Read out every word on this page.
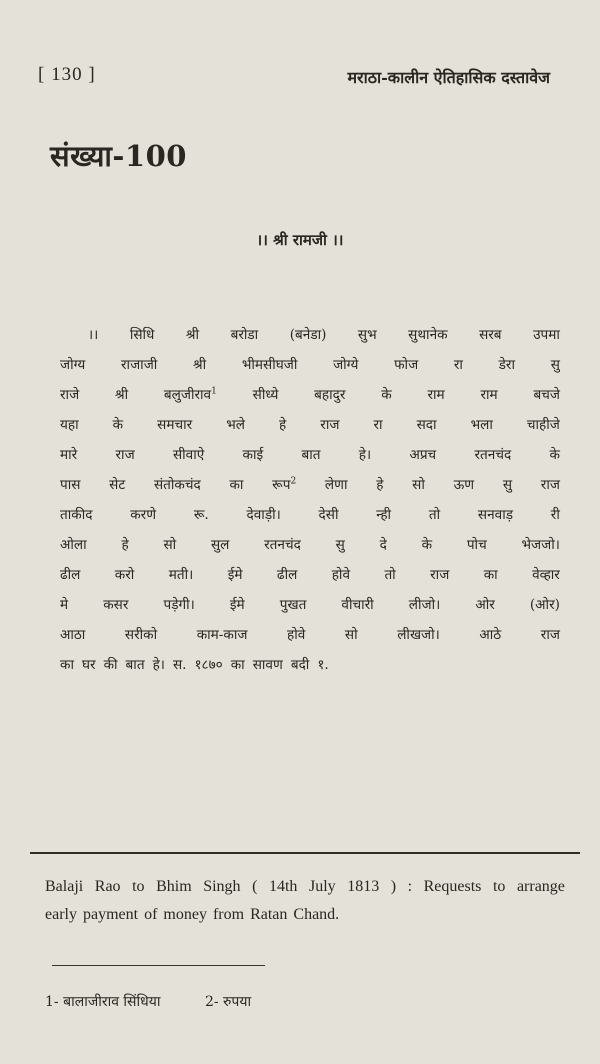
[ 130 ]	मराठा-कालीन ऐतिहासिक दस्तावेज
संख्या-100
।। श्री रामजी ।।
।। सिधि श्री बरोडा (बनेडा) सुभ सुथानेक सरब उपमा
जोग्य	राजाजी	श्री	भीमसीघजी	जोग्ये	फोज	रा	डेरा	सु
राजे	श्री	बलुजीराव$^1$	सीध्ये	बहादुर	के	राम	राम	बचजे
यहा	के	समचार	भले	हे	राज	रा	सदा	भला	चाहीजे
मारे	राज	सीवाऐ	काई	बात	हे।	अप्रच	रतनचंद	के
पास सेट संतोकचंद का रूप$^2$ लेणा हे सो ऊण सु राज
ताकीद	करणे	रू.	देवाड़ी।	देसी	न्ही	तो	सनवाड़	री
ओला	हे	सो	सुल	रतनचंद	सु	दे	के	पोच	भेजजो।
ढील	करो	मती।	ईमे	ढील	होवे	तो	राज	का	वेव्हार
मे	कसर	पड़ेगी।	ईमे	पुखत	वीचारी	लीजो।	ओर	(ओर)
आठा	सरीको	काम-काज	होवे	सो	लीखजो।	आठे	राज
का घर की बात हे। स. १८७० का सावण बदी १.
Balaji Rao to Bhim Singh ( 14th July 1813 ) : Requests to arrange
early payment of money from Ratan Chand.
1- बालाजीराव सिंधिया	2- रुपया
